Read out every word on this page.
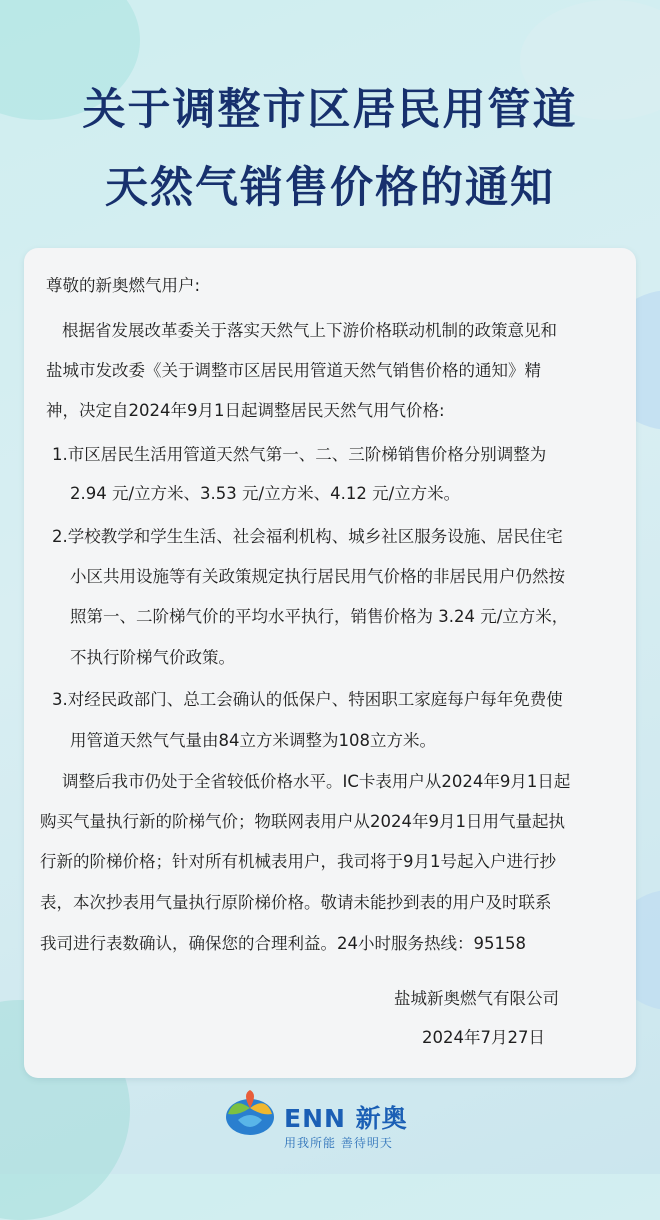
关于调整市区居民用管道
天然气销售价格的通知

尊敬的新奥燃气用户:

根据省发展改革委关于落实天然气上下游价格联动机制的政策意见和

盐城市发改委《关于调整市区居民用管道天然气销售价格的通知》精

神，决定自2024年9月1日起调整居民天然气用气价格:

1.市区居民生活用管道天然气第一、二、三阶梯销售价格分别调整为

2.94 元/立方米、3.53 元/立方米、4.12 元/立方米。

2.学校教学和学生生活、社会福利机构、城乡社区服务设施、居民住宅

小区共用设施等有关政策规定执行居民用气价格的非居民用户仍然按

照第一、二阶梯气价的平均水平执行，销售价格为 3.24 元/立方米，

不执行阶梯气价政策。

3.对经民政部门、总工会确认的低保户、特困职工家庭每户每年免费使

用管道天然气气量由84立方米调整为108立方米。

调整后我市仍处于全省较低价格水平。IC卡表用户从2024年9月1日起

购买气量执行新的阶梯气价；物联网表用户从2024年9月1日用气量起执

行新的阶梯价格；针对所有机械表用户，我司将于9月1号起入户进行抄

表，本次抄表用气量执行原阶梯价格。敬请未能抄到表的用户及时联系

我司进行表数确认，确保您的合理利益。24小时服务热线：95158

盐城新奥燃气有限公司

2024年7月27日

ENN 新奥

用我所能 善待明天
